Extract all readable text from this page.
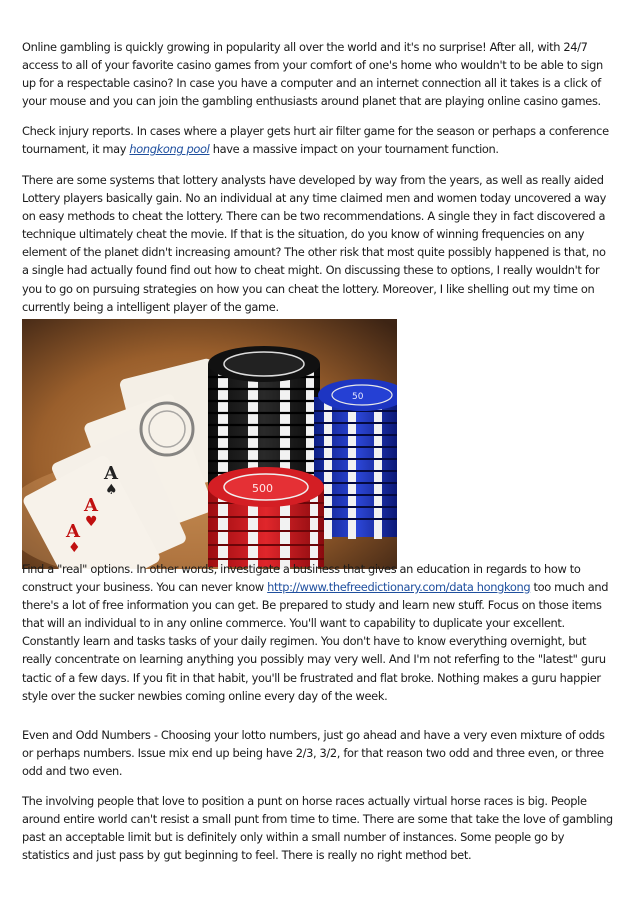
Online gambling is quickly growing in popularity all over the world and it's no surprise! After all, with 24/7 access to all of your favorite casino games from your comfort of one's home who wouldn't to be able to sign up for a respectable casino? In case you have a computer and an internet connection all it takes is a click of your mouse and you can join the gambling enthusiasts around planet that are playing online casino games.

Check injury reports. In cases where a player gets hurt air filter game for the season or perhaps a conference tournament, it may hongkong pool have a massive impact on your tournament function.

There are some systems that lottery analysts have developed by way from the years, as well as really aided Lottery players basically gain. No an individual at any time claimed men and women today uncovered a way on easy methods to cheat the lottery. There can be two recommendations. A single they in fact discovered a technique ultimately cheat the movie. If that is the situation, do you know of winning frequencies on any element of the planet didn't increasing amount? The other risk that most quite possibly happened is that, no a single had actually found find out how to cheat might. On discussing these to options, I really wouldn't for you to go on pursuing strategies on how you can cheat the lottery. Moreover, I like shelling out my time on currently being a intelligent player of the game.

A
♠
A
♥
A
♦
50
500

Find a "real" options. In other words, investigate a business that gives an education in regards to how to construct your business. You can never know http://www.thefreedictionary.com/data hongkong too much and there's a lot of free information you can get. Be prepared to study and learn new stuff. Focus on those items that will an individual to in any online commerce. You'll want to capability to duplicate your excellent. Constantly learn and tasks tasks of your daily regimen. You don't have to know everything overnight, but really concentrate on learning anything you possibly may very well. And I'm not referfing to the "latest" guru tactic of a few days. If you fit in that habit, you'll be frustrated and flat broke. Nothing makes a guru happier style over the sucker newbies coming online every day of the week.

Even and Odd Numbers - Choosing your lotto numbers, just go ahead and have a very even mixture of odds or perhaps numbers. Issue mix end up being have 2/3, 3/2, for that reason two odd and three even, or three odd and two even.

The involving people that love to position a punt on horse races actually virtual horse races is big. People around entire world can't resist a small punt from time to time. There are some that take the love of gambling past an acceptable limit but is definitely only within a small number of instances. Some people go by statistics and just pass by gut beginning to feel. There is really no right method bet.
